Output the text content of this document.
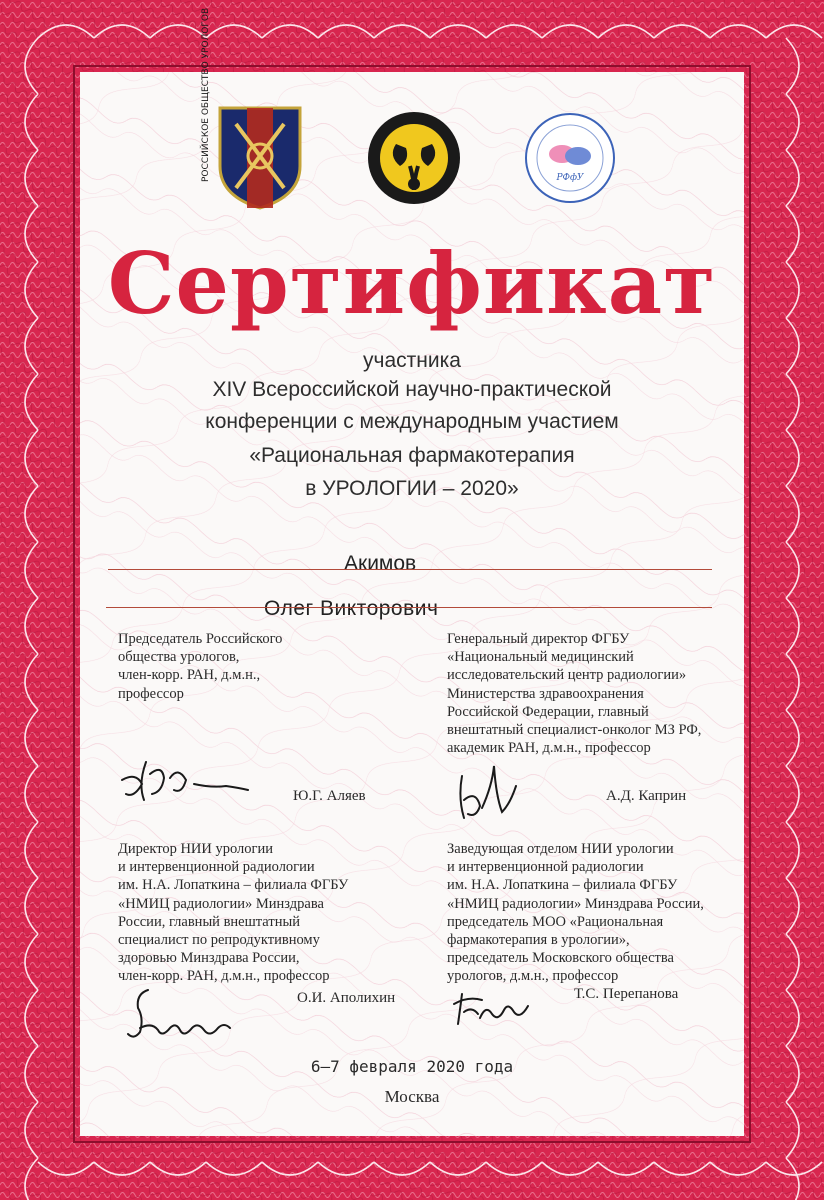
РОССИЙСКОЕ ОБЩЕСТВО УРОЛОГОВ	РФфУ
Сертификат
участника
XIV Всероссийской научно-практической
конференции с международным участием
«Рациональная фармакотерапия
в УРОЛОГИИ – 2020»
Акимов
Олег Викторович
Председатель Российского
общества урологов,
член-корр. РАН, д.м.н.,
профессор
Ю.Г. Аляев
Генеральный директор ФГБУ
«Национальный медицинский
исследовательский центр радиологии»
Министерства здравоохранения
Российской Федерации, главный
внештатный специалист-онколог МЗ РФ,
академик РАН, д.м.н., профессор
А.Д. Каприн
Директор НИИ урологии
и интервенционной радиологии
им. Н.А. Лопаткина – филиала ФГБУ
«НМИЦ радиологии» Минздрава
России, главный внештатный
специалист по репродуктивному
здоровью Минздрава России,
член-корр. РАН, д.м.н., профессор
О.И. Аполихин
Заведующая отделом НИИ урологии
и интервенционной радиологии
им. Н.А. Лопаткина – филиала ФГБУ
«НМИЦ радиологии» Минздрава России,
председатель МОО «Рациональная
фармакотерапия в урологии»,
председатель Московского общества
урологов, д.м.н., профессор
Т.С. Перепанова
6–7 февраля 2020 года
Москва
